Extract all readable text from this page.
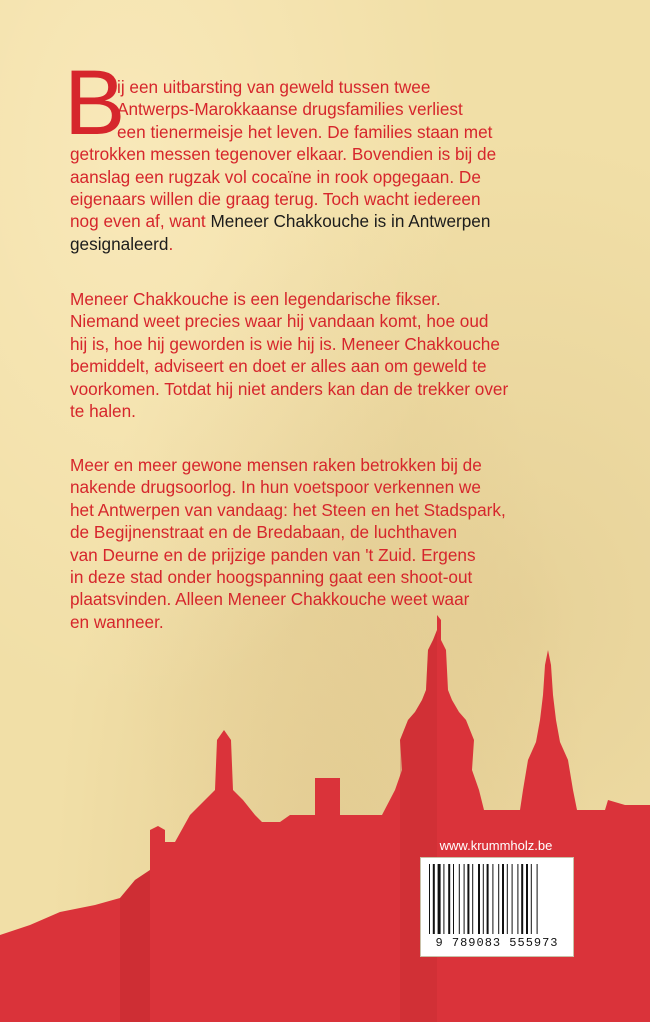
B
ij een uitbarsting van geweld tussen twee
Antwerps-Marokkaanse drugsfamilies verliest
een tienermeisje het leven. De families staan met
getrokken messen tegenover elkaar. Bovendien is bij de
aanslag een rugzak vol cocaïne in rook opgegaan. De
eigenaars willen die graag terug. Toch wacht iedereen
nog even af, want Meneer Chakkouche is in Antwerpen
gesignaleerd.
Meneer Chakkouche is een legendarische fikser.
Niemand weet precies waar hij vandaan komt, hoe oud
hij is, hoe hij geworden is wie hij is. Meneer Chakkouche
bemiddelt, adviseert en doet er alles aan om geweld te
voorkomen. Totdat hij niet anders kan dan de trekker over
te halen.
Meer en meer gewone mensen raken betrokken bij de
nakende drugsoorlog. In hun voetspoor verkennen we
het Antwerpen van vandaag: het Steen en het Stadspark,
de Begijnenstraat en de Bredabaan, de luchthaven
van Deurne en de prijzige panden van 't Zuid. Ergens
in deze stad onder hoogspanning gaat een shoot-out
plaatsvinden. Alleen Meneer Chakkouche weet waar
en wanneer.
www.krummholz.be
9 789083 555973
